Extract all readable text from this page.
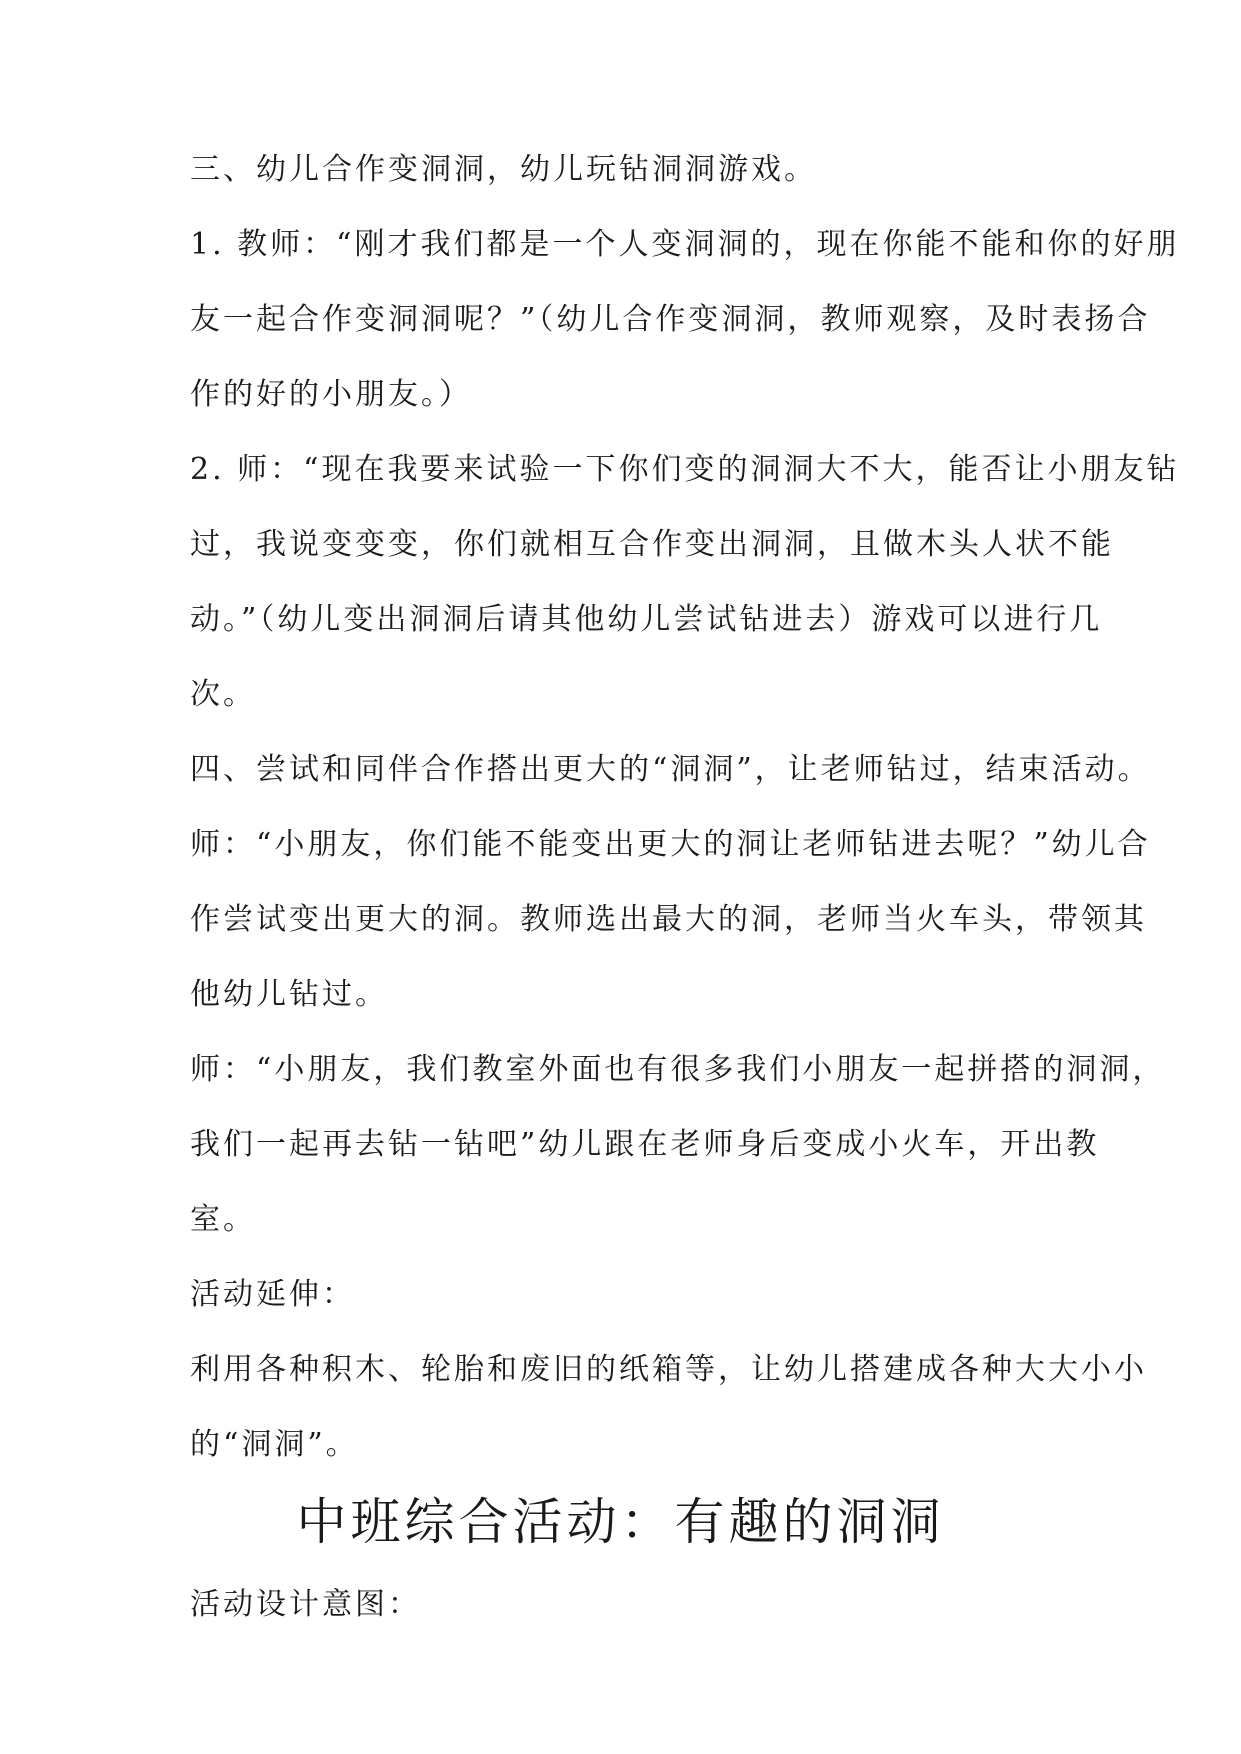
三、幼儿合作变洞洞，幼儿玩钻洞洞游戏。
1. 教师：“刚才我们都是一个人变洞洞的，现在你能不能和你的好朋
友一起合作变洞洞呢？”（幼儿合作变洞洞，教师观察，及时表扬合
作的好的小朋友。）
2. 师：“现在我要来试验一下你们变的洞洞大不大，能否让小朋友钻
过，我说变变变，你们就相互合作变出洞洞，且做木头人状不能
动。”（幼儿变出洞洞后请其他幼儿尝试钻进去）游戏可以进行几
次。
四、尝试和同伴合作搭出更大的“洞洞”，让老师钻过，结束活动。
师：“小朋友，你们能不能变出更大的洞让老师钻进去呢？”幼儿合
作尝试变出更大的洞。教师选出最大的洞，老师当火车头，带领其
他幼儿钻过。
师：“小朋友，我们教室外面也有很多我们小朋友一起拼搭的洞洞，
我们一起再去钻一钻吧”幼儿跟在老师身后变成小火车，开出教
室。
活动延伸：
利用各种积木、轮胎和废旧的纸箱等，让幼儿搭建成各种大大小小
的“洞洞”。
中班综合活动：有趣的洞洞
活动设计意图：
